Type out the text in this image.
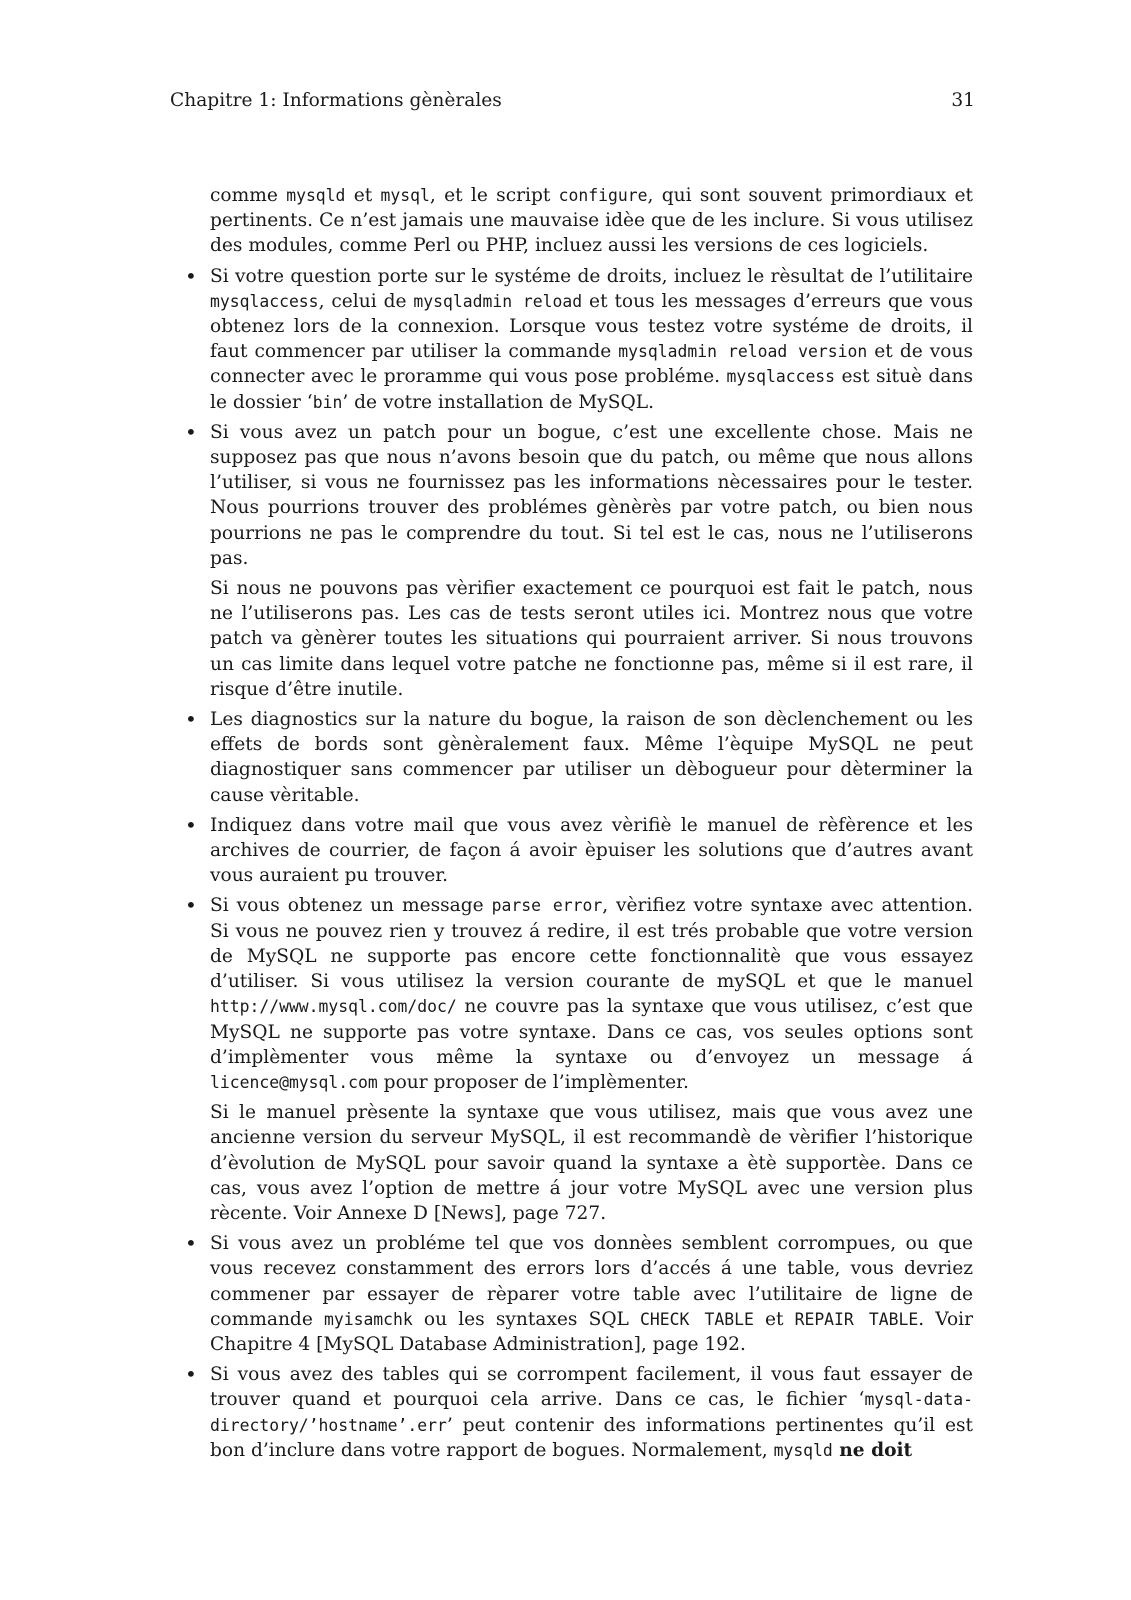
Chapitre 1: Informations gènèrales	31

comme mysqld et mysql, et le script configure, qui sont souvent primordiaux et pertinents. Ce n’est jamais une mauvaise idèe que de les inclure. Si vous utilisez des modules, comme Perl ou PHP, incluez aussi les versions de ces logiciels.

• Si votre question porte sur le systéme de droits, incluez le rèsultat de l’utilitaire mysqlaccess, celui de mysqladmin reload et tous les messages d’erreurs que vous obtenez lors de la connexion. Lorsque vous testez votre systéme de droits, il faut commencer par utiliser la commande mysqladmin reload version et de vous connecter avec le proramme qui vous pose probléme. mysqlaccess est situè dans le dossier ‘bin’ de votre installation de MySQL.

• Si vous avez un patch pour un bogue, c’est une excellente chose. Mais ne supposez pas que nous n’avons besoin que du patch, ou même que nous allons l’utiliser, si vous ne fournissez pas les informations nècessaires pour le tester. Nous pourrions trouver des problémes gènèrès par votre patch, ou bien nous pourrions ne pas le comprendre du tout. Si tel est le cas, nous ne l’utiliserons pas.

Si nous ne pouvons pas vèrifier exactement ce pourquoi est fait le patch, nous ne l’utiliserons pas. Les cas de tests seront utiles ici. Montrez nous que votre patch va gènèrer toutes les situations qui pourraient arriver. Si nous trouvons un cas limite dans lequel votre patche ne fonctionne pas, même si il est rare, il risque d’être inutile.

• Les diagnostics sur la nature du bogue, la raison de son dèclenchement ou les effets de bords sont gènèralement faux. Même l’èquipe MySQL ne peut diagnostiquer sans commencer par utiliser un dèbogueur pour dèterminer la cause vèritable.

• Indiquez dans votre mail que vous avez vèrifiè le manuel de rèfèrence et les archives de courrier, de façon á avoir èpuiser les solutions que d’autres avant vous auraient pu trouver.

• Si vous obtenez un message parse error, vèrifiez votre syntaxe avec attention. Si vous ne pouvez rien y trouvez á redire, il est trés probable que votre version de MySQL ne supporte pas encore cette fonctionnalitè que vous essayez d’utiliser. Si vous utilisez la version courante de mySQL et que le manuel http://www.mysql.com/doc/ ne couvre pas la syntaxe que vous utilisez, c’est que MySQL ne supporte pas votre syntaxe. Dans ce cas, vos seules options sont d’implèmenter vous même la syntaxe ou d’envoyez un message á licence@mysql.com pour proposer de l’implèmenter.

Si le manuel prèsente la syntaxe que vous utilisez, mais que vous avez une ancienne version du serveur MySQL, il est recommandè de vèrifier l’historique d’èvolution de MySQL pour savoir quand la syntaxe a ètè supportèe. Dans ce cas, vous avez l’option de mettre á jour votre MySQL avec une version plus rècente. Voir Annexe D [News], page 727.

• Si vous avez un probléme tel que vos donnèes semblent corrompues, ou que vous recevez constamment des errors lors d’accés á une table, vous devriez commener par essayer de rèparer votre table avec l’utilitaire de ligne de commande myisamchk ou les syntaxes SQL CHECK TABLE et REPAIR TABLE. Voir Chapitre 4 [MySQL Database Administration], page 192.

• Si vous avez des tables qui se corrompent facilement, il vous faut essayer de trouver quand et pourquoi cela arrive. Dans ce cas, le fichier ‘mysql-data-directory/’hostname’.err’ peut contenir des informations pertinentes qu’il est bon d’inclure dans votre rapport de bogues. Normalement, mysqld ne doit
